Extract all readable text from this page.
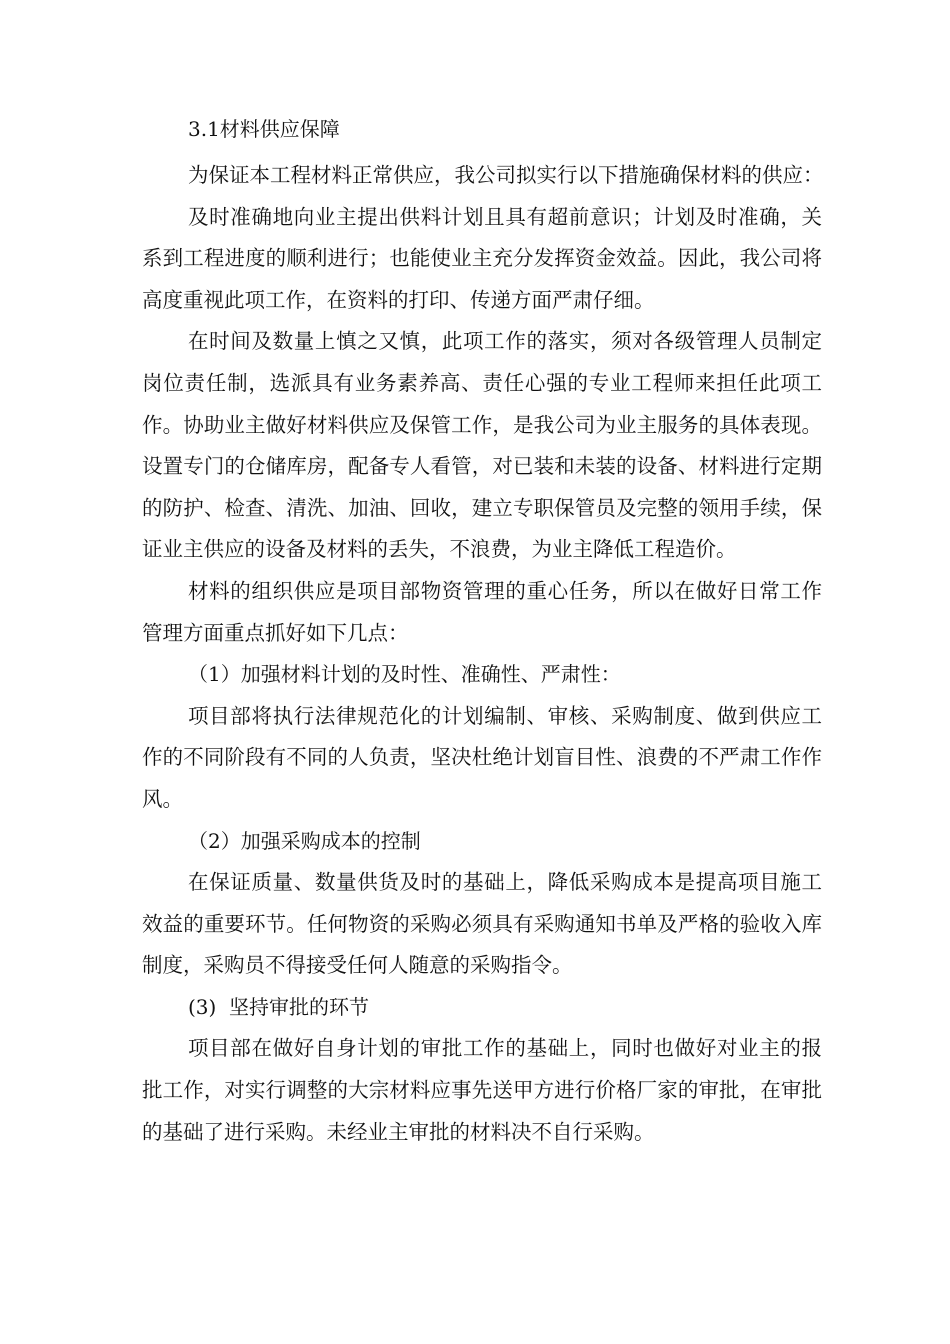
3.1材料供应保障

为保证本工程材料正常供应，我公司拟实行以下措施确保材料的供应：

及时准确地向业主提出供料计划且具有超前意识；计划及时准确，关系到工程进度的顺利进行；也能使业主充分发挥资金效益。因此，我公司将高度重视此项工作，在资料的打印、传递方面严肃仔细。

在时间及数量上慎之又慎，此项工作的落实，须对各级管理人员制定岗位责任制，选派具有业务素养高、责任心强的专业工程师来担任此项工作。协助业主做好材料供应及保管工作，是我公司为业主服务的具体表现。设置专门的仓储库房，配备专人看管，对已装和未装的设备、材料进行定期的防护、检查、清洗、加油、回收，建立专职保管员及完整的领用手续，保证业主供应的设备及材料的丢失，不浪费，为业主降低工程造价。

材料的组织供应是项目部物资管理的重心任务，所以在做好日常工作管理方面重点抓好如下几点：

（1）加强材料计划的及时性、准确性、严肃性：

项目部将执行法律规范化的计划编制、审核、采购制度、做到供应工作的不同阶段有不同的人负责，坚决杜绝计划盲目性、浪费的不严肃工作作风。

（2）加强采购成本的控制

在保证质量、数量供货及时的基础上，降低采购成本是提高项目施工效益的重要环节。任何物资的采购必须具有采购通知书单及严格的验收入库制度，采购员不得接受任何人随意的采购指令。

(3)  坚持审批的环节

项目部在做好自身计划的审批工作的基础上，同时也做好对业主的报批工作，对实行调整的大宗材料应事先送甲方进行价格厂家的审批，在审批的基础了进行采购。未经业主审批的材料决不自行采购。
